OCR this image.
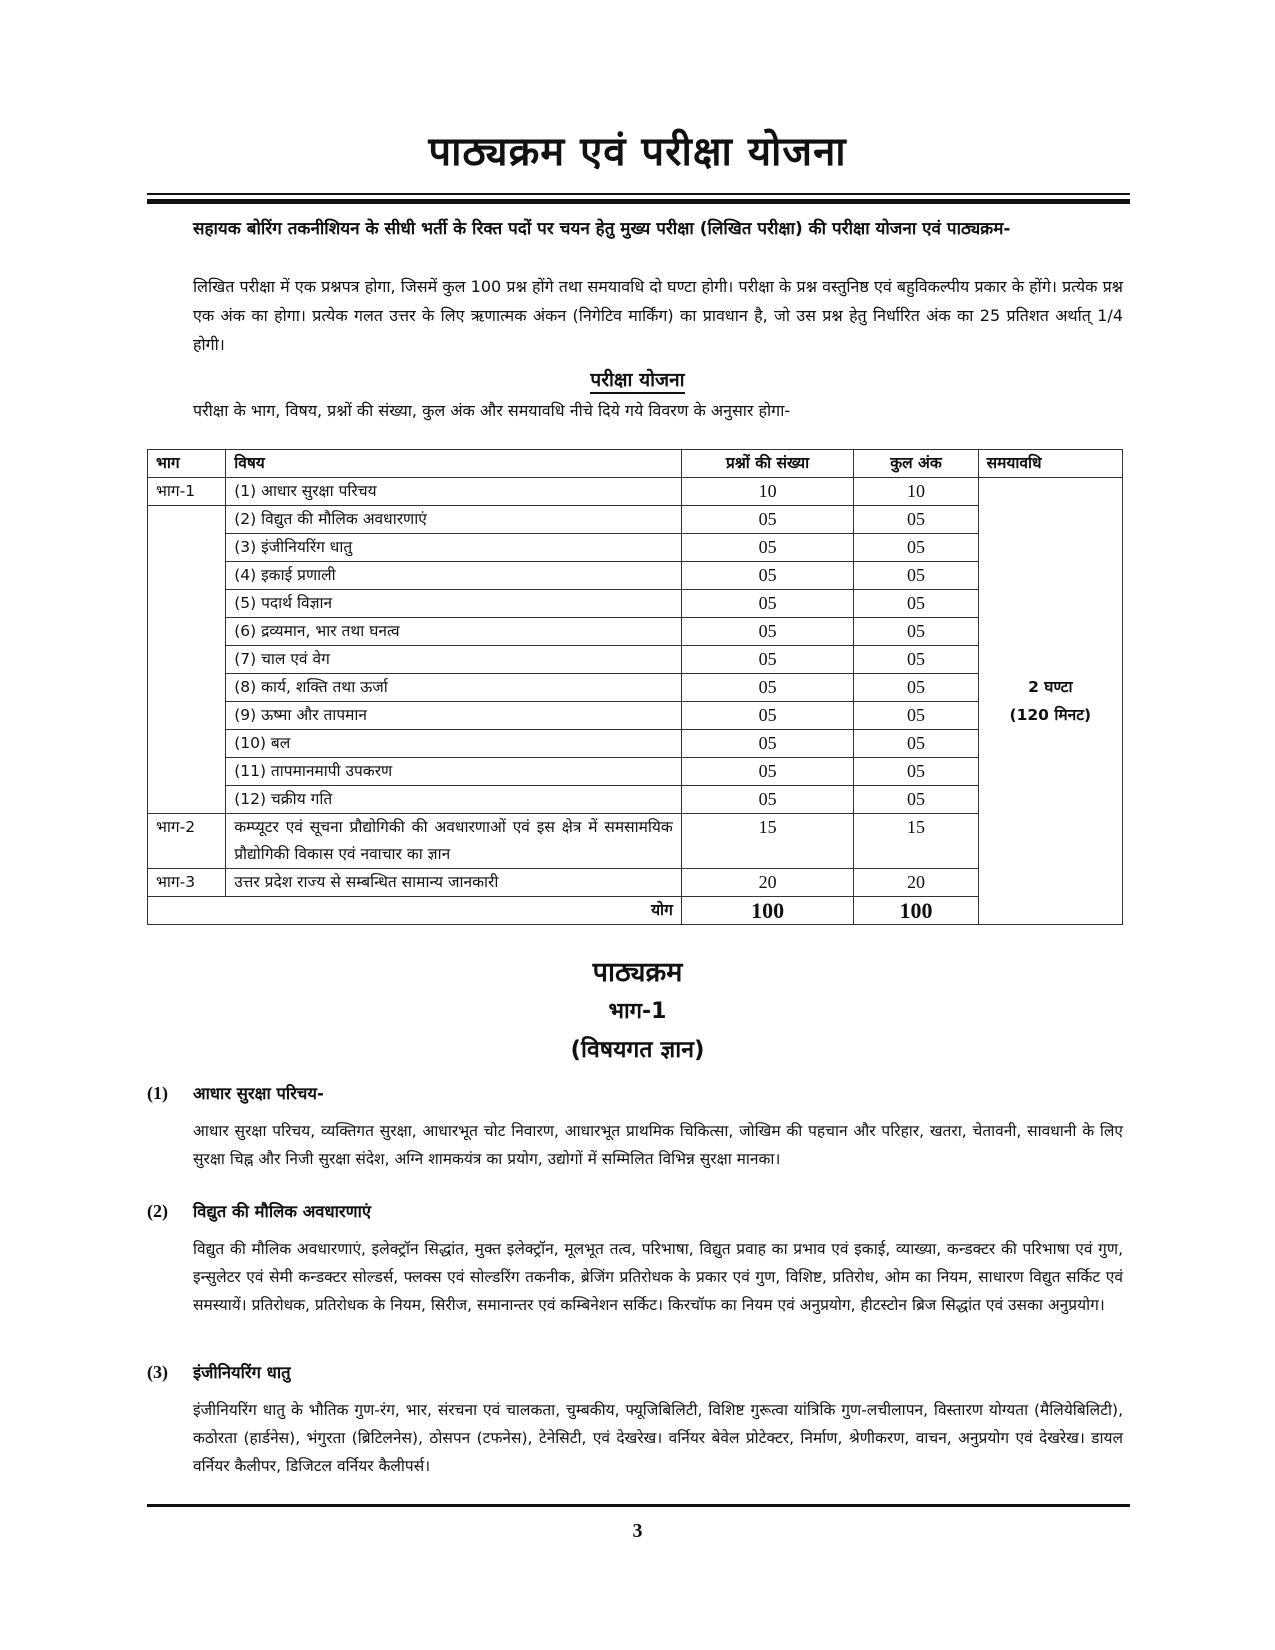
पाठ्यक्रम एवं परीक्षा योजना
सहायक बोरिंग तकनीशियन के सीधी भर्ती के रिक्त पदों पर चयन हेतु मुख्य परीक्षा (लिखित परीक्षा) की परीक्षा योजना एवं पाठ्यक्रम-
लिखित परीक्षा में एक प्रश्नपत्र होगा, जिसमें कुल 100 प्रश्न होंगे तथा समयावधि दो घण्टा होगी। परीक्षा के प्रश्न वस्तुनिष्ठ एवं बहुविकल्पीय प्रकार के होंगे। प्रत्येक प्रश्न एक अंक का होगा। प्रत्येक गलत उत्तर के लिए ऋणात्मक अंकन (निगेटिव मार्किंग) का प्रावधान है, जो उस प्रश्न हेतु निर्धारित अंक का 25 प्रतिशत अर्थात् 1/4 होगी।
परीक्षा योजना
परीक्षा के भाग, विषय, प्रश्नों की संख्या, कुल अंक और समयावधि नीचे दिये गये विवरण के अनुसार होगा-
भाग	विषय	प्रश्नों की संख्या	कुल अंक	समयावधि
भाग-1	(1) आधार सुरक्षा परिचय	10	10	2 घण्टा
(120 मिनट)

	(2) विद्युत की मौलिक अवधारणाएं	05	05	
	(3) इंजीनियरिंग धातु	05	05	
	(4) इकाई प्रणाली	05	05	
	(5) पदार्थ विज्ञान	05	05	
	(6) द्रव्यमान, भार तथा घनत्व	05	05	
	(7) चाल एवं वेग	05	05	
	(8) कार्य, शक्ति तथा ऊर्जा	05	05	
	(9) ऊष्मा और तापमान	05	05	
	(10) बल	05	05	
	(11) तापमानमापी उपकरण	05	05	
	(12) चक्रीय गति	05	05	
भाग-2	कम्प्यूटर एवं सूचना प्रौद्योगिकी की अवधारणाओं एवं इस क्षेत्र में समसामयिक प्रौद्योगिकी विकास एवं नवाचार का ज्ञान	15	15	
भाग-3	उत्तर प्रदेश राज्य से सम्बन्धित सामान्य जानकारी	20	20	
योग		100	100	
पाठ्यक्रम
भाग-1
(विषयगत ज्ञान)
(1) आधार सुरक्षा परिचय-
आधार सुरक्षा परिचय, व्यक्तिगत सुरक्षा, आधारभूत चोट निवारण, आधारभूत प्राथमिक चिकित्सा, जोखिम की पहचान और परिहार, खतरा, चेतावनी, सावधानी के लिए सुरक्षा चिह्न और निजी सुरक्षा संदेश, अग्नि शामकयंत्र का प्रयोग, उद्योगों में सम्मिलित विभिन्न सुरक्षा मानका।
(2) विद्युत की मौलिक अवधारणाएं
विद्युत की मौलिक अवधारणाएं, इलेक्ट्रॉन सिद्धांत, मुक्त इलेक्ट्रॉन, मूलभूत तत्व, परिभाषा, विद्युत प्रवाह का प्रभाव एवं इकाई, व्याख्या, कन्डक्टर की परिभाषा एवं गुण, इन्सुलेटर एवं सेमी कन्डक्टर सोल्डर्स, फ्लक्स एवं सोल्डरिंग तकनीक, ब्रेजिंग प्रतिरोधक के प्रकार एवं गुण, विशिष्ट, प्रतिरोध, ओम का नियम, साधारण विद्युत सर्किट एवं समस्यायें। प्रतिरोधक, प्रतिरोधक के नियम, सिरीज, समानान्तर एवं कम्बिनेशन सर्किट। किरचॉफ का नियम एवं अनुप्रयोग, हीटस्टोन ब्रिज सिद्धांत एवं उसका अनुप्रयोग।
(3) इंजीनियरिंग धातु
इंजीनियरिंग धातु के भौतिक गुण-रंग, भार, संरचना एवं चालकता, चुम्बकीय, फ्यूजिबिलिटी, विशिष्ट गुरूत्वा यांत्रिकि गुण-लचीलापन, विस्तारण योग्यता (मैलियेबिलिटी), कठोरता (हार्डनेस), भंगुरता (ब्रिटिलनेस), ठोसपन (टफनेस), टेनेसिटी, एवं देखरेख। वर्नियर बेवेल प्रोटेक्टर, निर्माण, श्रेणीकरण, वाचन, अनुप्रयोग एवं देखरेख। डायल वर्नियर कैलीपर, डिजिटल वर्नियर कैलीपर्स।
3
